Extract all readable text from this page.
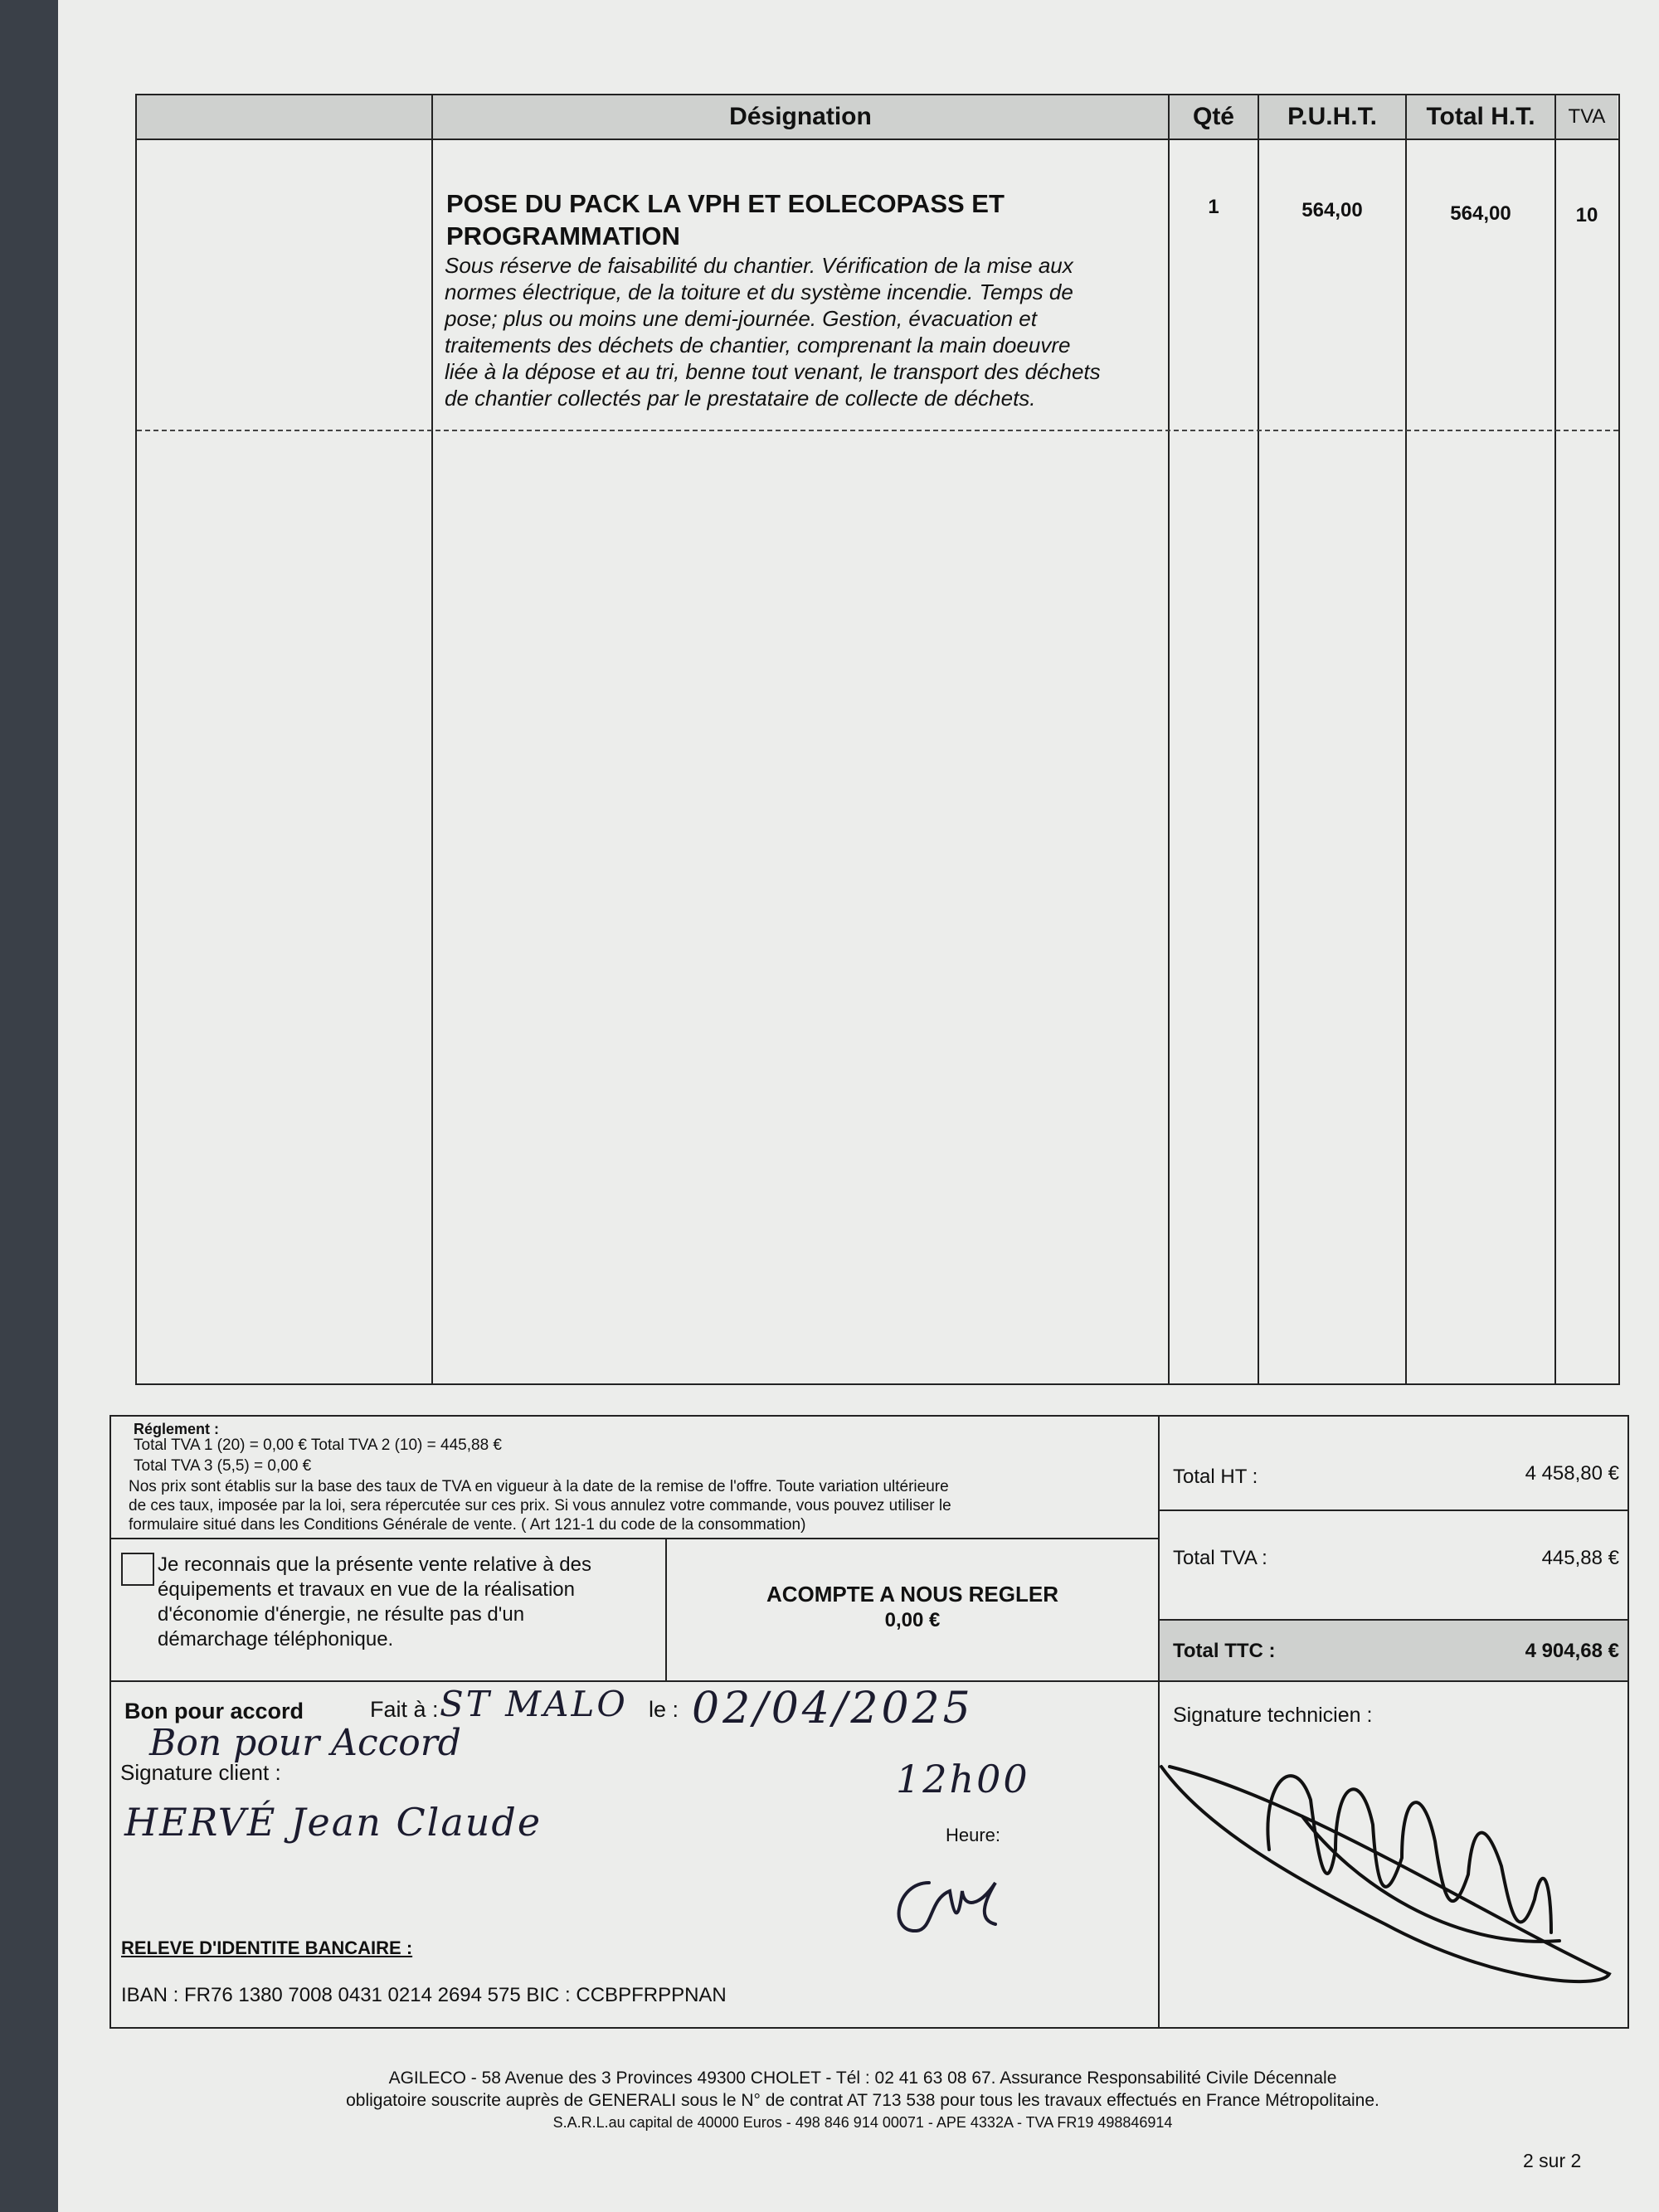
Désignation	Qté	P.U.H.T.	Total H.T.	TVA
POSE DU PACK LA VPH ET EOLECOPASS ET
PROGRAMMATION
Sous réserve de faisabilité du chantier. Vérification de la mise aux
normes électrique, de la toiture et du système incendie. Temps de
pose; plus ou moins une demi-journée. Gestion, évacuation et
traitements des déchets de chantier, comprenant la main doeuvre
liée à la dépose et au tri, benne tout venant, le transport des déchets
de chantier collectés par le prestataire de collecte de déchets.
1	564,00	564,00	10
Réglement :
Total TVA 1 (20) = 0,00 € Total TVA 2 (10) = 445,88 €
Total TVA 3 (5,5) = 0,00 €
Nos prix sont établis sur la base des taux de TVA en vigueur à la date de la remise de l'offre. Toute variation ultérieure
de ces taux, imposée par la loi, sera répercutée sur ces prix. Si vous annulez votre commande, vous pouvez utiliser le
formulaire situé dans les Conditions Générale de vente. ( Art 121-1 du code de la consommation)
Je reconnais que la présente vente relative à des
équipements et travaux en vue de la réalisation
d'économie d'énergie, ne résulte pas d'un
démarchage téléphonique.
ACOMPTE A NOUS REGLER
0,00 €
Total HT :	4 458,80 €
Total TVA :	445,88 €
Total TTC :	4 904,68 €
Bon pour accord	Fait à : ST MALO le : 02/04/2025
Bon pour Accord
Signature client :
HERVÉ Jean Claude
12h00
Heure:
Signature technicien :
RELEVE D'IDENTITE BANCAIRE :
IBAN : FR76 1380 7008 0431 0214 2694 575 BIC : CCBPFRPPNAN
AGILECO - 58 Avenue des 3 Provinces 49300 CHOLET - Tél : 02 41 63 08 67. Assurance Responsabilité Civile Décennale
obligatoire souscrite auprès de GENERALI sous le N° de contrat AT 713 538 pour tous les travaux effectués en France Métropolitaine.
S.A.R.L.au capital de 40000 Euros - 498 846 914 00071 - APE 4332A - TVA FR19 498846914
2 sur 2
